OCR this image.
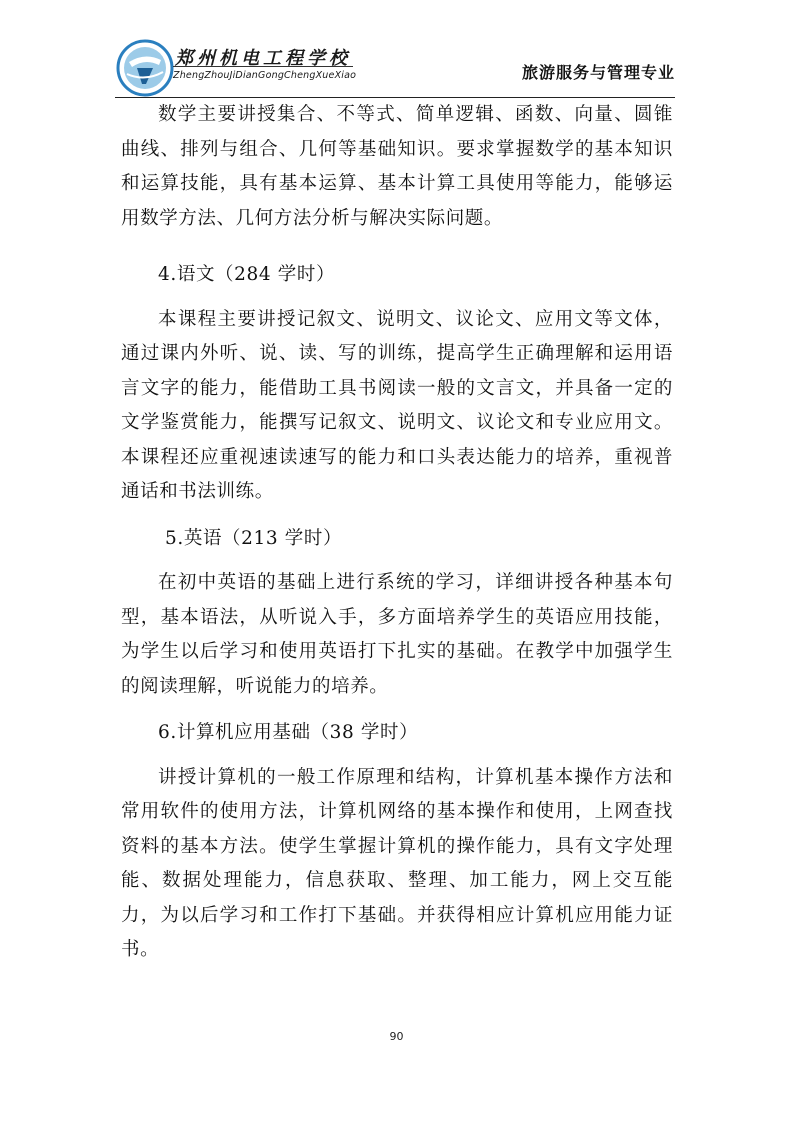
郑州机电工程学校
ZhengZhouJiDianGongChengXueXiao	旅游服务与管理专业

数学主要讲授集合、不等式、简单逻辑、函数、向量、圆锥曲线、排列与组合、几何等基础知识。要求掌握数学的基本知识和运算技能，具有基本运算、基本计算工具使用等能力，能够运用数学方法、几何方法分析与解决实际问题。

4.语文（284 学时）

本课程主要讲授记叙文、说明文、议论文、应用文等文体，通过课内外听、说、读、写的训练，提高学生正确理解和运用语言文字的能力，能借助工具书阅读一般的文言文，并具备一定的文学鉴赏能力，能撰写记叙文、说明文、议论文和专业应用文。本课程还应重视速读速写的能力和口头表达能力的培养，重视普通话和书法训练。

5.英语（213 学时）

在初中英语的基础上进行系统的学习，详细讲授各种基本句型，基本语法，从听说入手，多方面培养学生的英语应用技能，为学生以后学习和使用英语打下扎实的基础。在教学中加强学生的阅读理解，听说能力的培养。

6.计算机应用基础（38 学时）

讲授计算机的一般工作原理和结构，计算机基本操作方法和常用软件的使用方法，计算机网络的基本操作和使用，上网查找资料的基本方法。使学生掌握计算机的操作能力，具有文字处理能、数据处理能力，信息获取、整理、加工能力，网上交互能力，为以后学习和工作打下基础。并获得相应计算机应用能力证书。

90
